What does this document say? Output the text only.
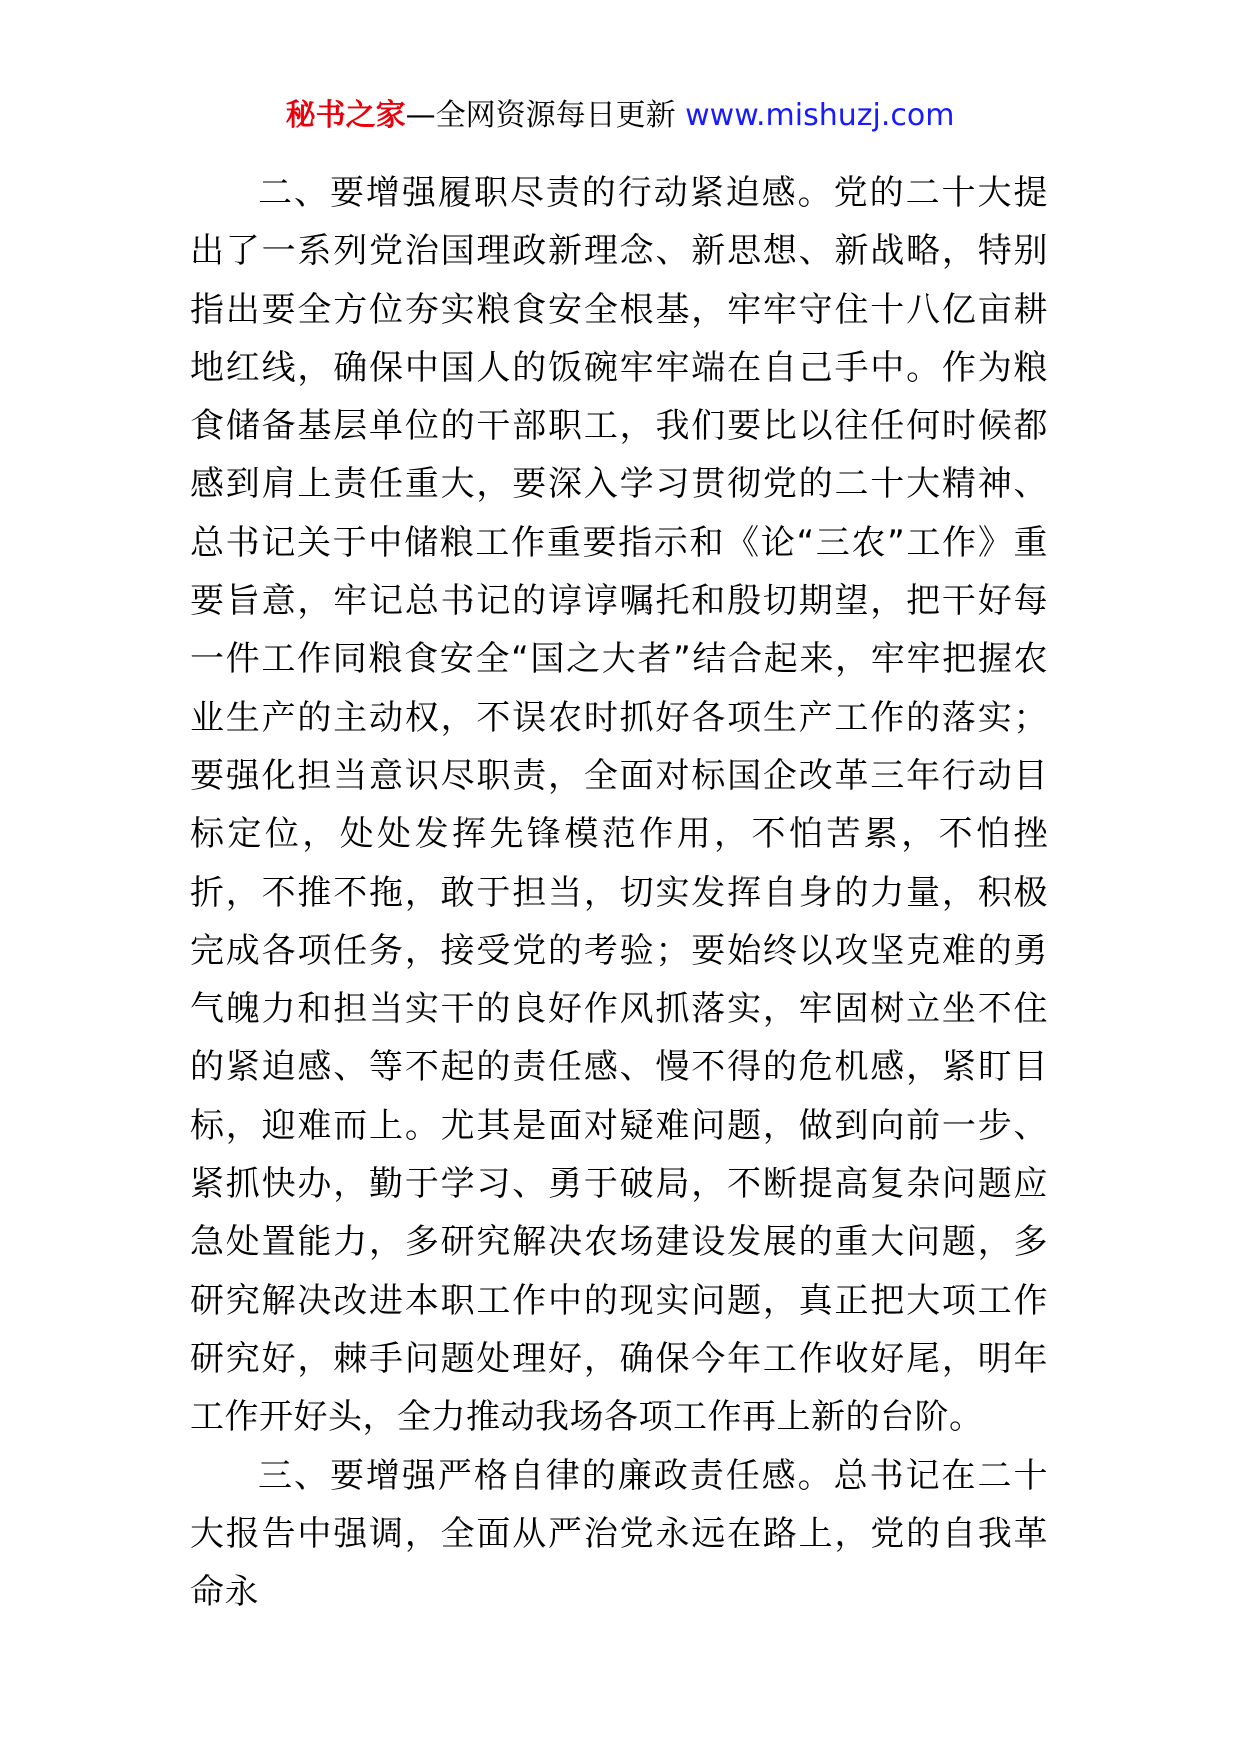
秘书之家—全网资源每日更新 www.mishuzj.com

二、要增强履职尽责的行动紧迫感。党的二十大提出了一系列党治国理政新理念、新思想、新战略，特别指出要全方位夯实粮食安全根基，牢牢守住十八亿亩耕地红线，确保中国人的饭碗牢牢端在自己手中。作为粮食储备基层单位的干部职工，我们要比以往任何时候都感到肩上责任重大，要深入学习贯彻党的二十大精神、总书记关于中储粮工作重要指示和《论“三农”工作》重要旨意，牢记总书记的谆谆嘱托和殷切期望，把干好每一件工作同粮食安全“国之大者”结合起来，牢牢把握农业生产的主动权，不误农时抓好各项生产工作的落实；要强化担当意识尽职责，全面对标国企改革三年行动目标定位，处处发挥先锋模范作用，不怕苦累，不怕挫折，不推不拖，敢于担当，切实发挥自身的力量，积极完成各项任务，接受党的考验；要始终以攻坚克难的勇气魄力和担当实干的良好作风抓落实，牢固树立坐不住的紧迫感、等不起的责任感、慢不得的危机感，紧盯目标，迎难而上。尤其是面对疑难问题，做到向前一步、紧抓快办，勤于学习、勇于破局，不断提高复杂问题应急处置能力，多研究解决农场建设发展的重大问题，多研究解决改进本职工作中的现实问题，真正把大项工作研究好，棘手问题处理好，确保今年工作收好尾，明年工作开好头，全力推动我场各项工作再上新的台阶。

三、要增强严格自律的廉政责任感。总书记在二十大报告中强调，全面从严治党永远在路上，党的自我革命永
